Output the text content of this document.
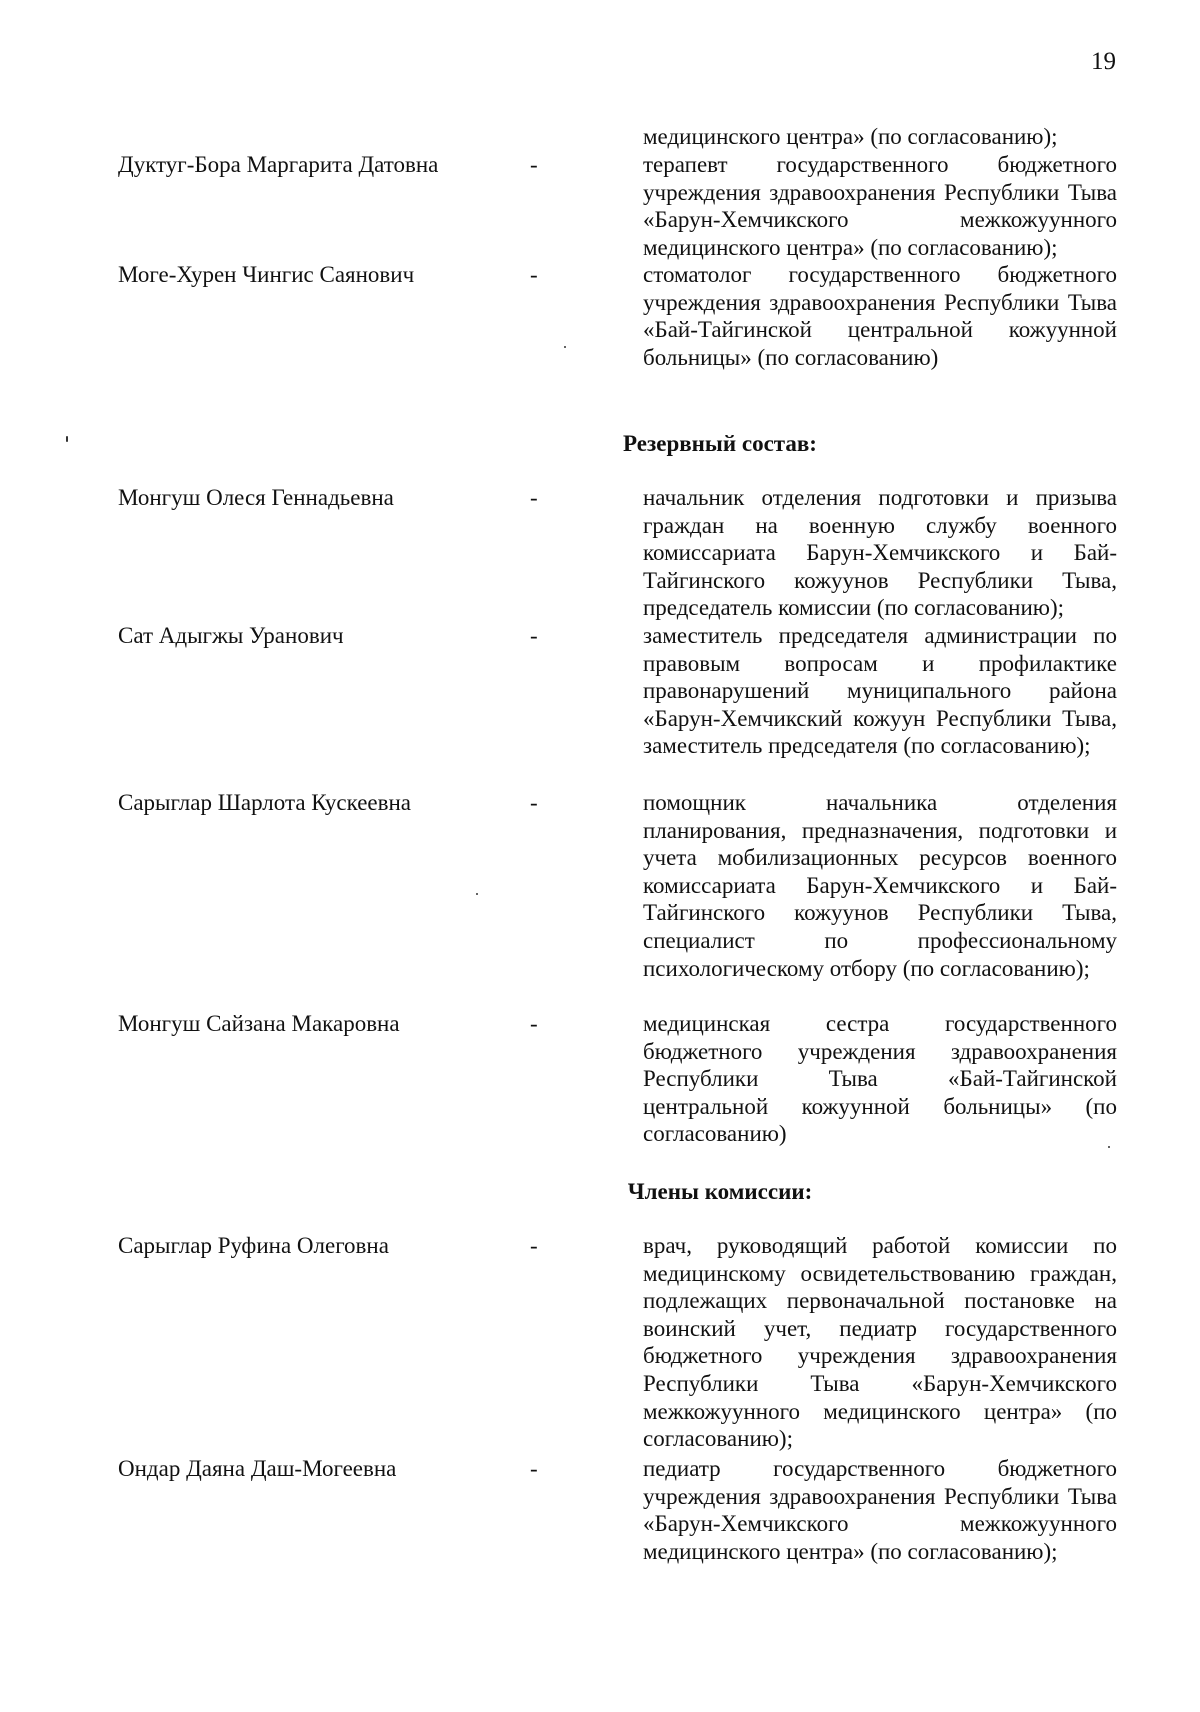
19
медицинского центра» (по согласованию);
Дуктуг-Бора Маргарита Датовна	-	терапевт государственного бюджетного учреждения здравоохранения Республики Тыва «Барун-Хемчикского межкожуунного медицинского центра» (по согласованию);
Моге-Хурен Чингис Саянович	-	стоматолог государственного бюджетного учреждения здравоохранения Республики Тыва «Бай-Тайгинской центральной кожуунной больницы» (по согласованию)
Резервный состав:
Монгуш Олеся Геннадьевна	-	начальник отделения подготовки и призыва граждан на военную службу военного комиссариата Барун-Хемчикского и Бай-Тайгинского кожуунов Республики Тыва, председатель комиссии (по согласованию);
Сат Адыгжы Уранович	-	заместитель председателя администрации по правовым вопросам и профилактике правонарушений муниципального района «Барун-Хемчикский кожуун Республики Тыва, заместитель председателя (по согласованию);
Сарыглар Шарлота Кускеевна	-	помощник начальника отделения планирования, предназначения, подготовки и учета мобилизационных ресурсов военного комиссариата Барун-Хемчикского и Бай-Тайгинского кожуунов Республики Тыва, специалист по профессиональному психологическому отбору (по согласованию);
Монгуш Сайзана Макаровна	-	медицинская сестра государственного бюджетного учреждения здравоохранения Республики Тыва «Бай-Тайгинской центральной кожуунной больницы» (по согласованию)
Члены комиссии:
Сарыглар Руфина Олеговна	-	врач, руководящий работой комиссии по медицинскому освидетельствованию граждан, подлежащих первоначальной постановке на воинский учет, педиатр государственного бюджетного учреждения здравоохранения Республики Тыва «Барун-Хемчикского межкожуунного медицинского центра» (по согласованию);
Ондар Даяна Даш-Могеевна	-	педиатр государственного бюджетного учреждения здравоохранения Республики Тыва «Барун-Хемчикского межкожуунного медицинского центра» (по согласованию);
